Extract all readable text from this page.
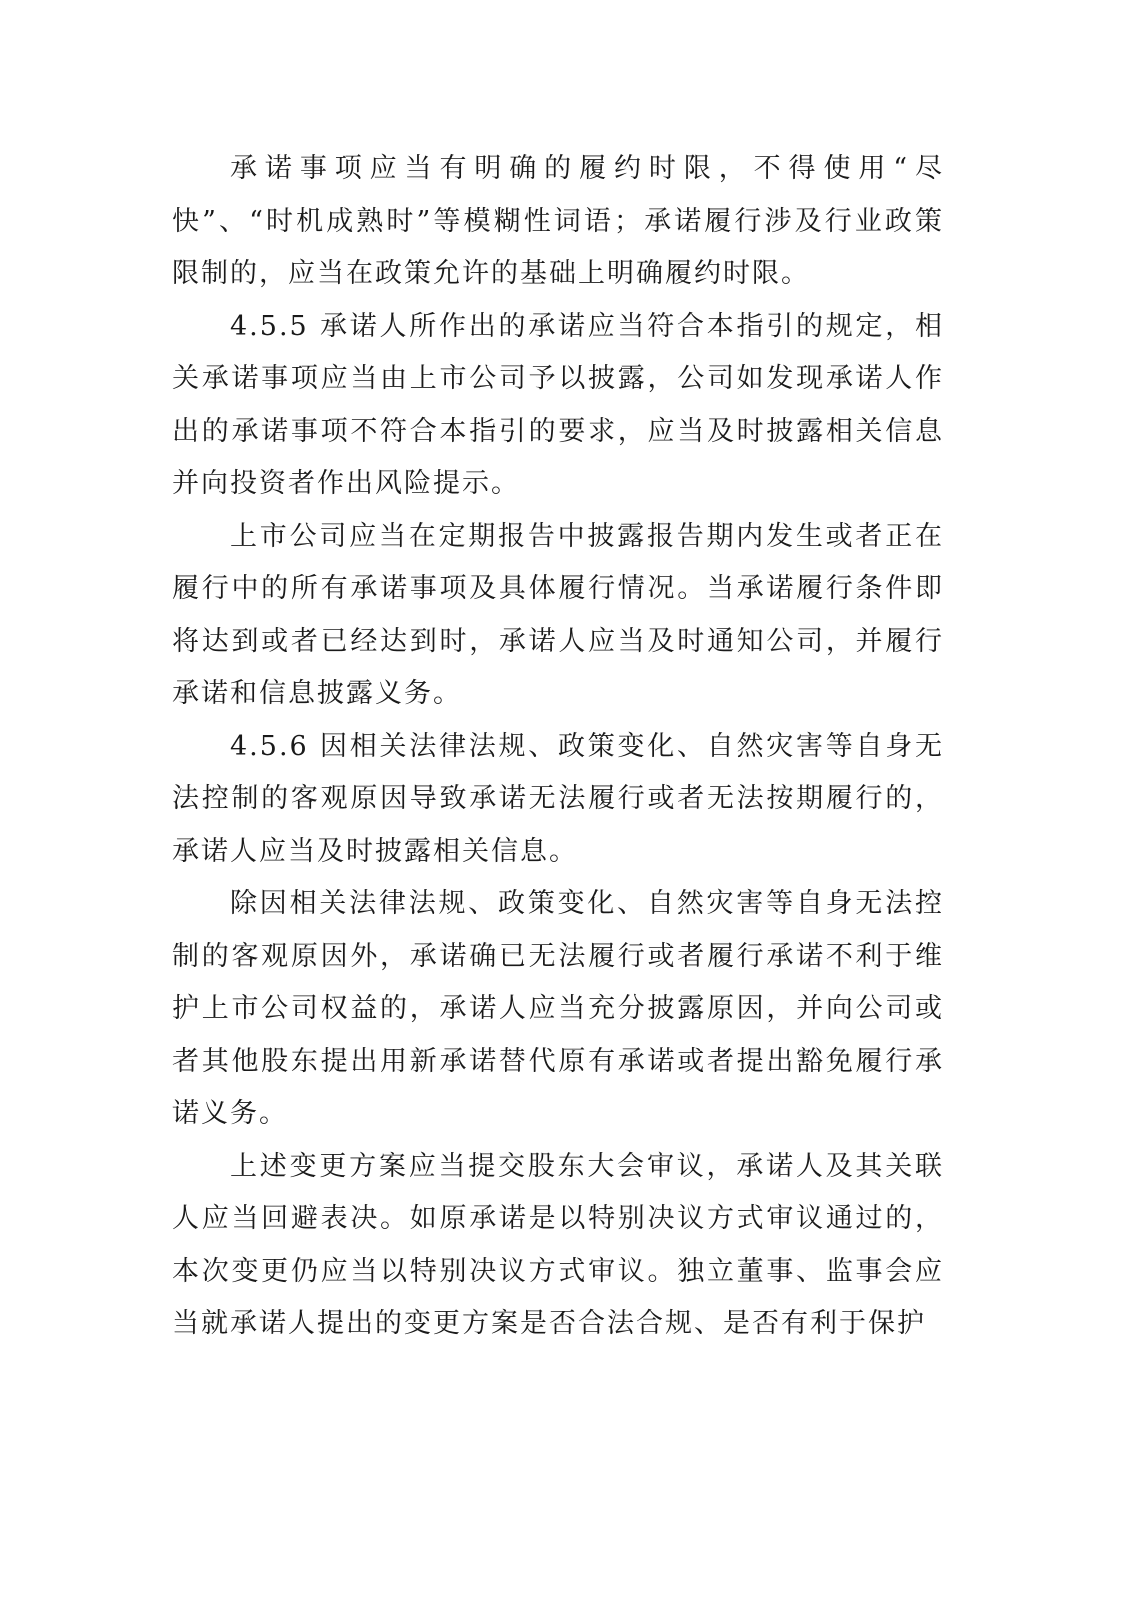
承诺事项应当有明确的履约时限，不得使用“尽快”、“时机成熟时”等模糊性词语；承诺履行涉及行业政策限制的，应当在政策允许的基础上明确履约时限。

4.5.5 承诺人所作出的承诺应当符合本指引的规定，相关承诺事项应当由上市公司予以披露，公司如发现承诺人作出的承诺事项不符合本指引的要求，应当及时披露相关信息并向投资者作出风险提示。

上市公司应当在定期报告中披露报告期内发生或者正在履行中的所有承诺事项及具体履行情况。当承诺履行条件即将达到或者已经达到时，承诺人应当及时通知公司，并履行承诺和信息披露义务。

4.5.6 因相关法律法规、政策变化、自然灾害等自身无法控制的客观原因导致承诺无法履行或者无法按期履行的，承诺人应当及时披露相关信息。

除因相关法律法规、政策变化、自然灾害等自身无法控制的客观原因外，承诺确已无法履行或者履行承诺不利于维护上市公司权益的，承诺人应当充分披露原因，并向公司或者其他股东提出用新承诺替代原有承诺或者提出豁免履行承诺义务。

上述变更方案应当提交股东大会审议，承诺人及其关联人应当回避表决。如原承诺是以特别决议方式审议通过的，本次变更仍应当以特别决议方式审议。独立董事、监事会应当就承诺人提出的变更方案是否合法合规、是否有利于保护
